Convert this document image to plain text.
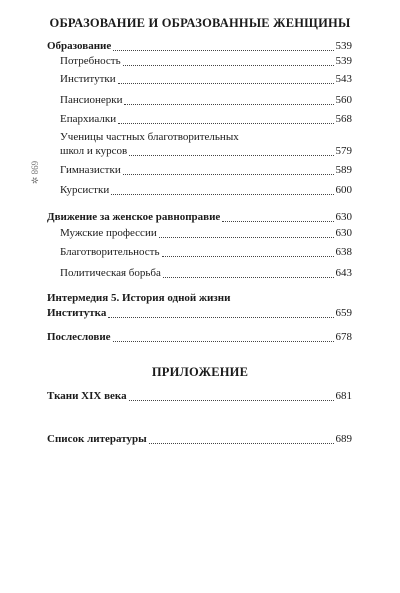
698 ✲
ОБРАЗОВАНИЕ И ОБРАЗОВАННЫЕ ЖЕНЩИНЫ
Образование	539
Потребность	539
Институтки	543
Пансионерки	560
Епархиалки	568
Ученицы частных благотворительных
школ и курсов	579
Гимназистки	589
Курсистки	600
Движение за женское равноправие	630
Мужские профессии	630
Благотворительность	638
Политическая борьба	643
Интермедия 5. История одной жизни
Институтка	659
Послесловие	678
ПРИЛОЖЕНИЕ
Ткани XIX века	681
Список литературы	689
